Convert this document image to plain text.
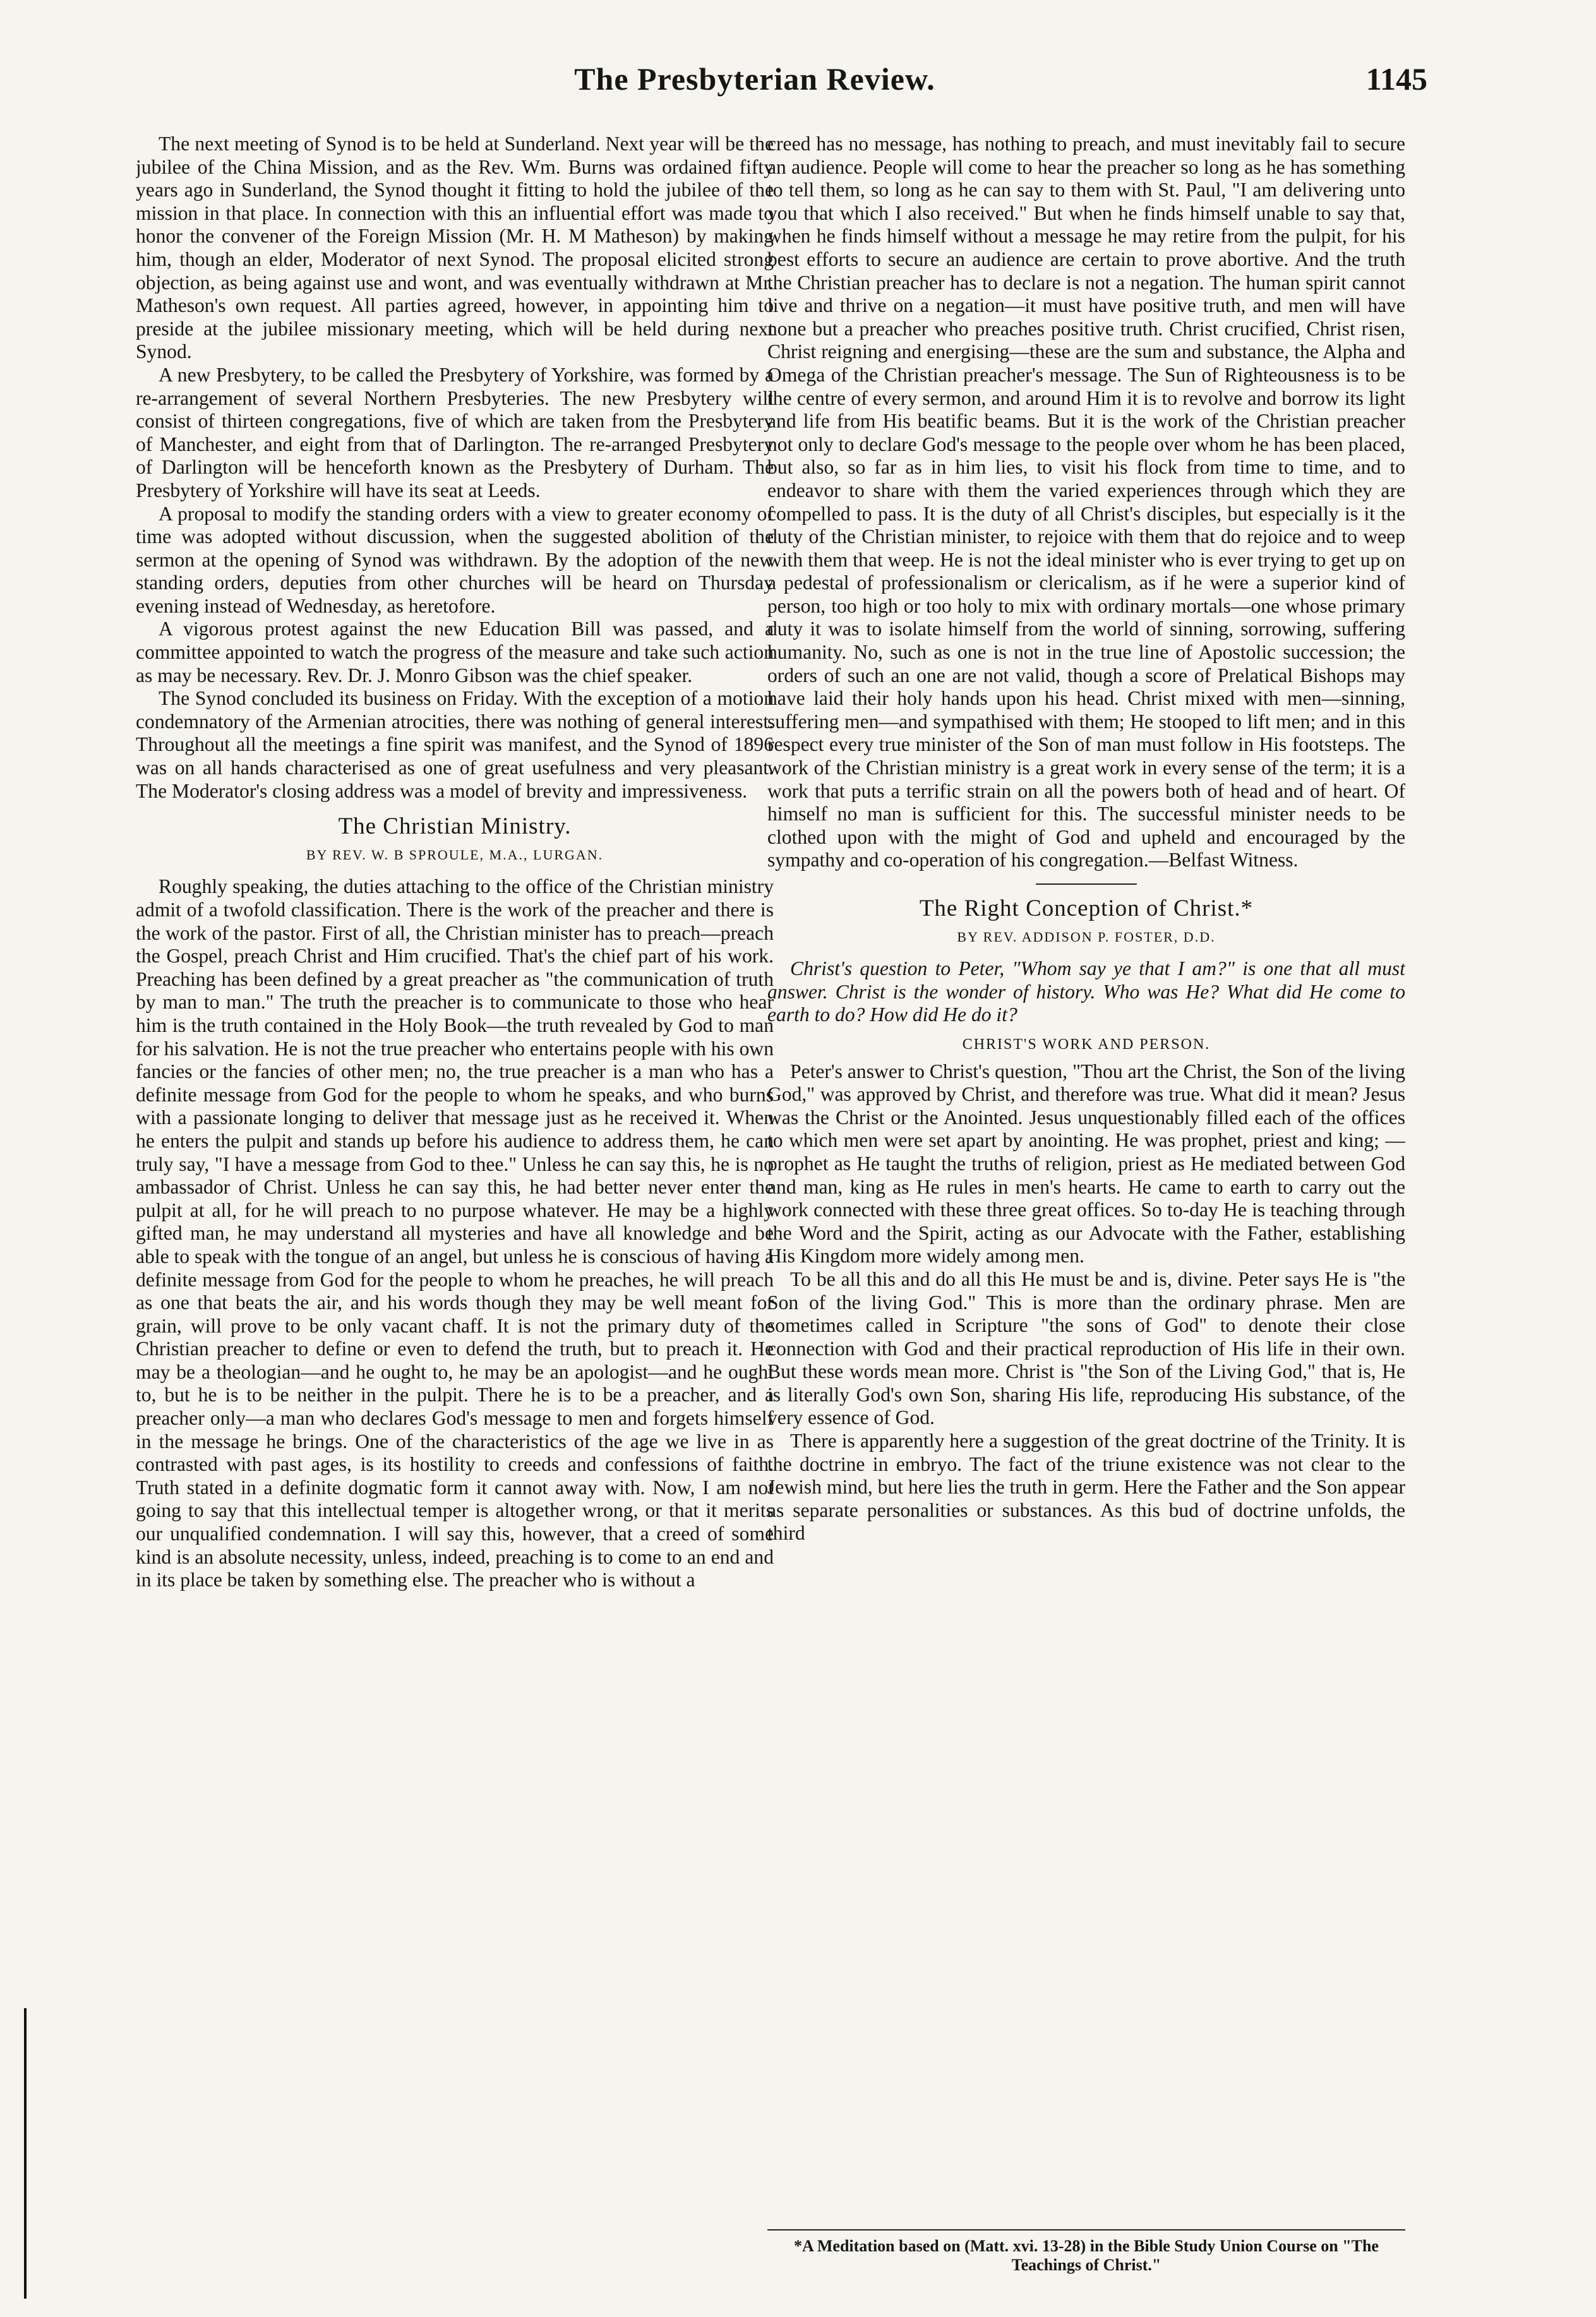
The Presbyterian Review.	1145

The next meeting of Synod is to be held at Sunderland. Next year will be the jubilee of the China Mission, and as the Rev. Wm. Burns was ordained fifty years ago in Sunderland, the Synod thought it fitting to hold the jubilee of the mission in that place. In connection with this an influential effort was made to honor the convener of the Foreign Mission (Mr. H. M Matheson) by making him, though an elder, Moderator of next Synod. The proposal elicited strong objection, as being against use and wont, and was eventually withdrawn at Mr. Matheson's own request. All parties agreed, however, in appointing him to preside at the jubilee missionary meeting, which will be held during next Synod.

A new Presbytery, to be called the Presbytery of Yorkshire, was formed by a re-arrangement of several Northern Presbyteries. The new Presbytery will consist of thirteen congregations, five of which are taken from the Presbytery of Manchester, and eight from that of Darlington. The re-arranged Presbytery of Darlington will be henceforth known as the Presbytery of Durham. The Presbytery of Yorkshire will have its seat at Leeds.

A proposal to modify the standing orders with a view to greater economy of time was adopted without discussion, when the suggested abolition of the sermon at the opening of Synod was withdrawn. By the adoption of the new standing orders, deputies from other churches will be heard on Thursday evening instead of Wednesday, as heretofore.

A vigorous protest against the new Education Bill was passed, and a committee appointed to watch the progress of the measure and take such action as may be necessary. Rev. Dr. J. Monro Gibson was the chief speaker.

The Synod concluded its business on Friday. With the exception of a motion condemnatory of the Armenian atrocities, there was nothing of general interest. Throughout all the meetings a fine spirit was manifest, and the Synod of 1896 was on all hands characterised as one of great usefulness and very pleasant. The Moderator's closing address was a model of brevity and impressiveness.

The Christian Ministry.
BY REV. W. B SPROULE, M.A., LURGAN.

Roughly speaking, the duties attaching to the office of the Christian ministry admit of a twofold classification. There is the work of the preacher and there is the work of the pastor. First of all, the Christian minister has to preach—preach the Gospel, preach Christ and Him crucified. That's the chief part of his work. Preaching has been defined by a great preacher as "the communication of truth by man to man." The truth the preacher is to communicate to those who hear him is the truth contained in the Holy Book—the truth revealed by God to man for his salvation. He is not the true preacher who entertains people with his own fancies or the fancies of other men; no, the true preacher is a man who has a definite message from God for the people to whom he speaks, and who burns with a passionate longing to deliver that message just as he received it. When he enters the pulpit and stands up before his audience to address them, he can truly say, "I have a message from God to thee." Unless he can say this, he is no ambassador of Christ. Unless he can say this, he had better never enter the pulpit at all, for he will preach to no purpose whatever. He may be a highly gifted man, he may understand all mysteries and have all knowledge and be able to speak with the tongue of an angel, but unless he is conscious of having a definite message from God for the people to whom he preaches, he will preach as one that beats the air, and his words though they may be well meant for grain, will prove to be only vacant chaff. It is not the primary duty of the Christian preacher to define or even to defend the truth, but to preach it. He may be a theologian—and he ought to, he may be an apologist—and he ought to, but he is to be neither in the pulpit. There he is to be a preacher, and a preacher only—a man who declares God's message to men and forgets himself in the message he brings. One of the characteristics of the age we live in as contrasted with past ages, is its hostility to creeds and confessions of faith. Truth stated in a definite dogmatic form it cannot away with. Now, I am not going to say that this intellectual temper is altogether wrong, or that it merits our unqualified condemnation. I will say this, however, that a creed of some kind is an absolute necessity, unless, indeed, preaching is to come to an end and in its place be taken by something else. The preacher who is without a

creed has no message, has nothing to preach, and must inevitably fail to secure an audience. People will come to hear the preacher so long as he has something to tell them, so long as he can say to them with St. Paul, "I am delivering unto you that which I also received." But when he finds himself unable to say that, when he finds himself without a message he may retire from the pulpit, for his best efforts to secure an audience are certain to prove abortive. And the truth the Christian preacher has to declare is not a negation. The human spirit cannot live and thrive on a negation—it must have positive truth, and men will have none but a preacher who preaches positive truth. Christ crucified, Christ risen, Christ reigning and energising—these are the sum and substance, the Alpha and Omega of the Christian preacher's message. The Sun of Righteousness is to be the centre of every sermon, and around Him it is to revolve and borrow its light and life from His beatific beams. But it is the work of the Christian preacher not only to declare God's message to the people over whom he has been placed, but also, so far as in him lies, to visit his flock from time to time, and to endeavor to share with them the varied experiences through which they are compelled to pass. It is the duty of all Christ's disciples, but especially is it the duty of the Christian minister, to rejoice with them that do rejoice and to weep with them that weep. He is not the ideal minister who is ever trying to get up on a pedestal of professionalism or clericalism, as if he were a superior kind of person, too high or too holy to mix with ordinary mortals—one whose primary duty it was to isolate himself from the world of sinning, sorrowing, suffering humanity. No, such as one is not in the true line of Apostolic succession; the orders of such an one are not valid, though a score of Prelatical Bishops may have laid their holy hands upon his head. Christ mixed with men—sinning, suffering men—and sympathised with them; He stooped to lift men; and in this respect every true minister of the Son of man must follow in His footsteps. The work of the Christian ministry is a great work in every sense of the term; it is a work that puts a terrific strain on all the powers both of head and of heart. Of himself no man is sufficient for this. The successful minister needs to be clothed upon with the might of God and upheld and encouraged by the sympathy and co-operation of his congregation.—Belfast Witness.

The Right Conception of Christ.*
BY REV. ADDISON P. FOSTER, D.D.

Christ's question to Peter, "Whom say ye that I am?" is one that all must answer. Christ is the wonder of history. Who was He? What did He come to earth to do? How did He do it?

CHRIST'S WORK AND PERSON.

Peter's answer to Christ's question, "Thou art the Christ, the Son of the living God," was approved by Christ, and therefore was true. What did it mean? Jesus was the Christ or the Anointed. Jesus unquestionably filled each of the offices to which men were set apart by anointing. He was prophet, priest and king; —prophet as He taught the truths of religion, priest as He mediated between God and man, king as He rules in men's hearts. He came to earth to carry out the work connected with these three great offices. So to-day He is teaching through the Word and the Spirit, acting as our Advocate with the Father, establishing His Kingdom more widely among men.

To be all this and do all this He must be and is, divine. Peter says He is "the Son of the living God." This is more than the ordinary phrase. Men are sometimes called in Scripture "the sons of God" to denote their close connection with God and their practical reproduction of His life in their own. But these words mean more. Christ is "the Son of the Living God," that is, He is literally God's own Son, sharing His life, reproducing His substance, of the very essence of God.

There is apparently here a suggestion of the great doctrine of the Trinity. It is the doctrine in embryo. The fact of the triune existence was not clear to the Jewish mind, but here lies the truth in germ. Here the Father and the Son appear as separate personalities or substances. As this bud of doctrine unfolds, the third

*A Meditation based on (Matt. xvi. 13-28) in the Bible Study Union Course on "The Teachings of Christ."
